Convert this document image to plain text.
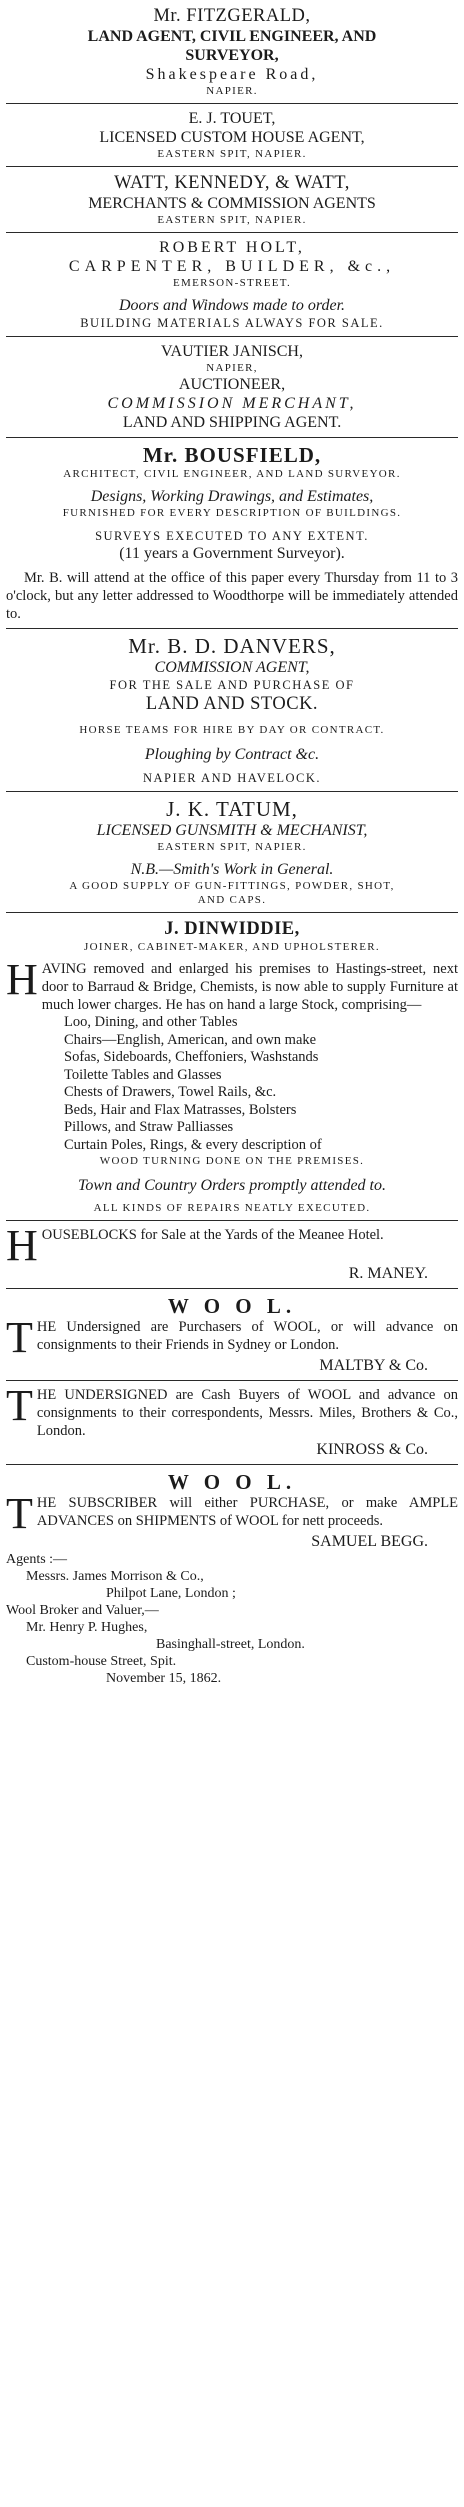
Mr. FITZGERALD,
LAND AGENT, CIVIL ENGINEER, AND
SURVEYOR,
Shakespeare Road,
NAPIER.
E. J. TOUET,
LICENSED CUSTOM HOUSE AGENT,
EASTERN SPIT, NAPIER.
WATT, KENNEDY, & WATT,
MERCHANTS & COMMISSION AGENTS
EASTERN SPIT, NAPIER.
ROBERT HOLT,
CARPENTER, BUILDER, &c.,
EMERSON-STREET.
Doors and Windows made to order.
BUILDING MATERIALS ALWAYS FOR SALE.
VAUTIER JANISCH,
NAPIER,
AUCTIONEER,
COMMISSION MERCHANT,
LAND AND SHIPPING AGENT.
Mr. BOUSFIELD,
ARCHITECT, CIVIL ENGINEER, AND LAND SURVEYOR.
Designs, Working Drawings, and Estimates,
FURNISHED FOR EVERY DESCRIPTION OF BUILDINGS.
SURVEYS EXECUTED TO ANY EXTENT.
(11 years a Government Surveyor).
Mr. B. will attend at the office of this paper every Thursday from 11 to 3 o'clock, but any letter addressed to Woodthorpe will be immediately attended to.
Mr. B. D. DANVERS,
COMMISSION AGENT,
FOR THE SALE AND PURCHASE OF
LAND AND STOCK.
HORSE TEAMS FOR HIRE BY DAY OR CONTRACT.
Ploughing by Contract &c.
NAPIER AND HAVELOCK.
J. K. TATUM,
LICENSED GUNSMITH & MECHANIST,
EASTERN SPIT, NAPIER.
N.B.—Smith's Work in General.
A GOOD SUPPLY OF GUN-FITTINGS, POWDER, SHOT,
AND CAPS.
J. DINWIDDIE,
JOINER, CABINET-MAKER, AND UPHOLSTERER.
HAVING removed and enlarged his premises to Hastings-street, next door to Barraud & Bridge, Chemists, is now able to supply Furniture at much lower charges. He has on hand a large Stock, comprising—
Loo, Dining, and other Tables
Chairs—English, American, and own make
Sofas, Sideboards, Cheffoniers, Washstands
Toilette Tables and Glasses
Chests of Drawers, Towel Rails, &c.
Beds, Hair and Flax Matrasses, Bolsters
Pillows, and Straw Palliasses
Curtain Poles, Rings, & every description of
WOOD TURNING DONE ON THE PREMISES.
Town and Country Orders promptly attended to.
ALL KINDS OF REPAIRS NEATLY EXECUTED.
HOUSEBLOCKS for Sale at the Yards of the Meanee Hotel.
R. MANEY.
W O O L.
THE Undersigned are Purchasers of WOOL, or will advance on consignments to their Friends in Sydney or London.
MALTBY & Co.
THE UNDERSIGNED are Cash Buyers of WOOL and advance on consignments to their correspondents, Messrs. Miles, Brothers & Co., London.
KINROSS & Co.
W O O L.
THE SUBSCRIBER will either PURCHASE, or make AMPLE ADVANCES on SHIPMENTS of WOOL for nett proceeds.
SAMUEL BEGG.
Agents :—
Messrs. James Morrison & Co.,
Philpot Lane, London ;
Wool Broker and Valuer,—
Mr. Henry P. Hughes,
Basinghall-street, London.
Custom-house Street, Spit.
November 15, 1862.
